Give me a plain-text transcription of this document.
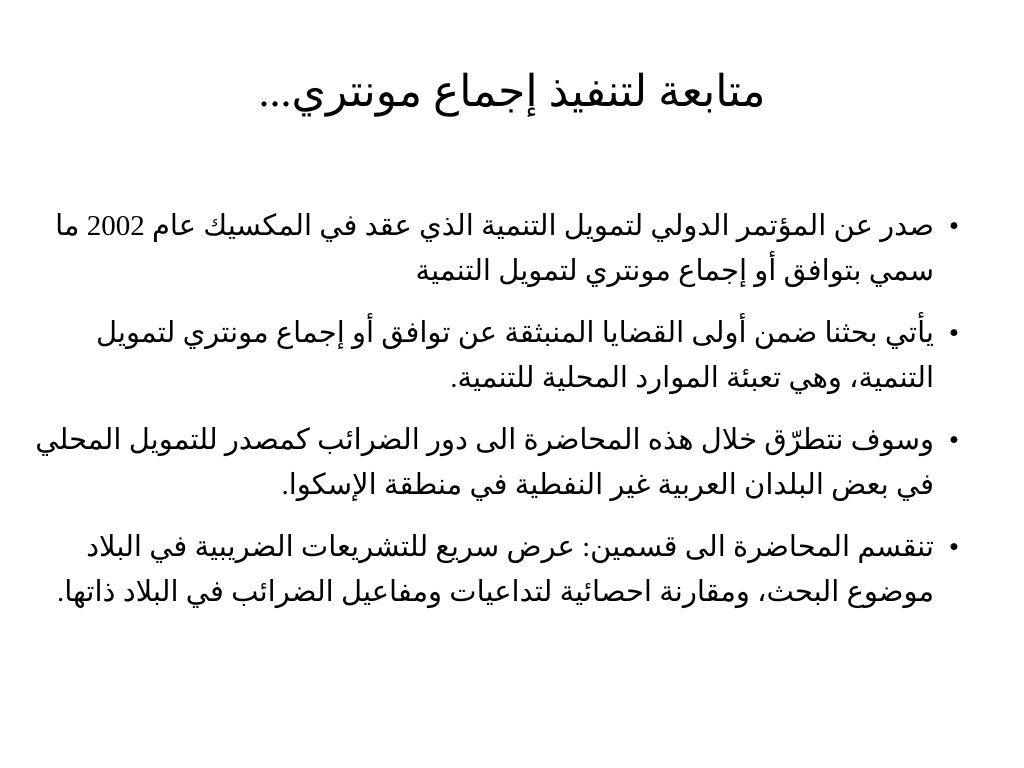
متابعة لتنفيذ إجماع مونتري...
•
صدر عن المؤتمر الدولي لتمويل التنمية الذي عقد في المكسيك عام 2002 ما سمي بتوافق أو إجماع مونتري لتمويل التنمية
•
يأتي بحثنا ضمن أولى القضايا المنبثقة عن توافق أو إجماع مونتري لتمويل التنمية، وهي تعبئة الموارد المحلية للتنمية.
•
وسوف نتطرّق خلال هذه المحاضرة الى دور الضرائب كمصدر للتمويل المحلي في بعض البلدان العربية غير النفطية في منطقة الإسكوا.
•
تنقسم المحاضرة الى قسمين: عرض سريع للتشريعات الضريبية في البلاد موضوع البحث، ومقارنة احصائية لتداعيات ومفاعيل الضرائب في البلاد ذاتها.
